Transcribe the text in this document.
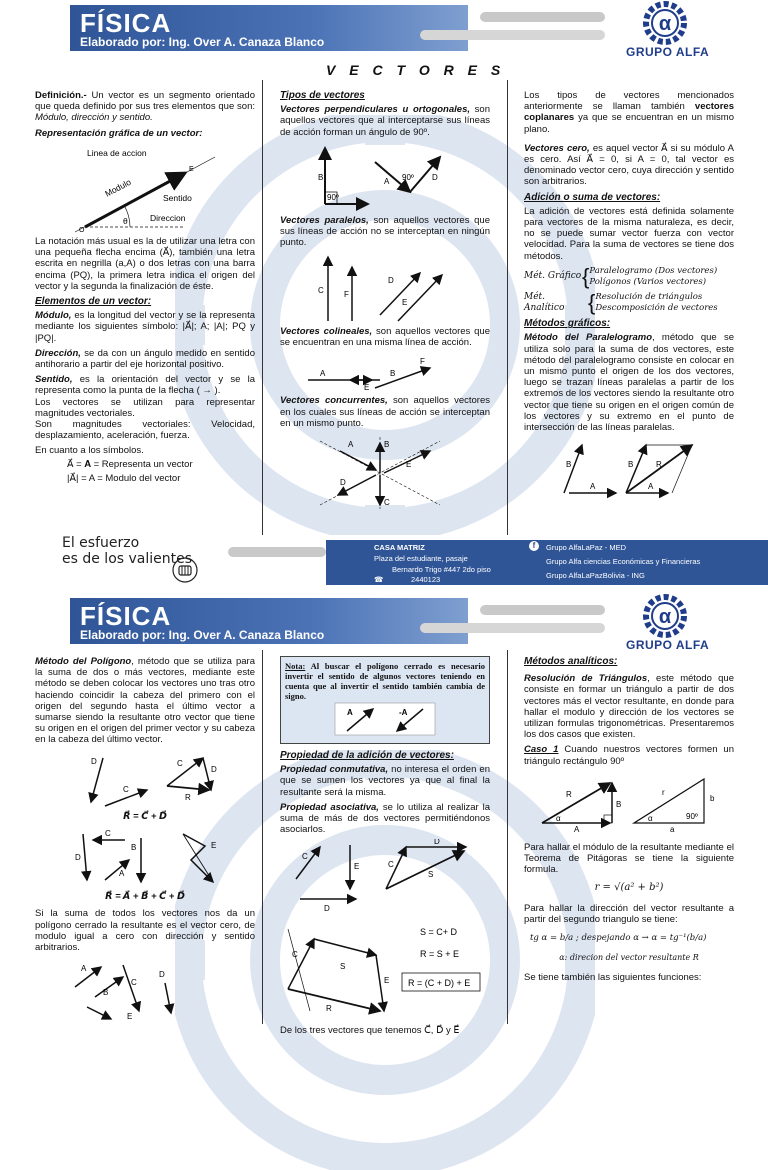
FÍSICA
Elaborado por: Ing. Over A. Canaza Blanco
α
GRUPO ALFA
V E C T O R E S

Definición.- Un vector es un segmento orientado que queda definido por sus tres elementos que son: Módulo, dirección y sentido.

Representación gráfica de un vector:
Linea de accion
Modulo	Sentido
Direccion
θ
O
E

La notación más usual es la de utilizar una letra con una pequeña flecha encima (A⃗), también una letra escrita en negrilla (a,A) o dos letras con una barra encima (PQ), la primera letra indica el origen del vector y la segunda la finalización de éste.

Elementos de un vector:

Módulo, es la longitud del vector y se la representa mediante los siguientes símbolo: |A⃗|; A; |A|; PQ y |PQ|.

Dirección, se da con un ángulo medido en sentido antihorario a partir del eje horizontal positivo.

Sentido, es la orientación del vector y se la representa como la punta de la flecha ( → ).

Los vectores se utilizan para representar magnitudes vectoriales.

Son magnitudes vectoriales: Velocidad, desplazamiento, aceleración, fuerza.

En cuanto a los símbolos.

A⃗ = 𝐀 = Representa un vector
|A⃗| = A = Modulo del vector
Tipos de vectores

Vectores perpendiculares u ortogonales, son aquellos vectores que al interceptarse sus líneas de acción forman un ángulo de 90º.

B
90º
A 90º D

Vectores paralelos, son aquellos vectores que sus líneas de acción no se interceptan en ningún punto.

C	F
D
E

Vectores colineales, son aquellos vectores que se encuentran en una misma línea de acción.

A
E
B
F

Vectores concurrentes, son aquellos vectores en los cuales sus líneas de acción se interceptan en un mismo punto.

A	B
E
D
C

Los tipos de vectores mencionados anteriormente se llaman también vectores coplanares ya que se encuentran en un mismo plano.

Vectores cero, es aquel vector A⃗ si su módulo A es cero. Así A⃗ = 0, si A = 0, tal vector es denominado vector cero, cuya dirección y sentido son arbitrarios.

Adición o suma de vectores:

La adición de vectores está definida solamente para vectores de la misma naturaleza, es decir, no se puede sumar vector fuerza con vector velocidad. Para la suma de vectores se tiene dos métodos.

Mét. Gráfico { Paralelogramo (Dos vectores)
Polígonos (Varios vectores)
Mét. Analítico	{ Resolución de triángulos
Descomposición de vectores
Métodos gráficos:

Método del Paralelogramo, método que se utiliza solo para la suma de dos vectores, este método del paralelogramo consiste en colocar en un mismo punto el origen de los dos vectores, luego se trazan líneas paralelas a partir de los extremos de los vectores siendo la resultante otro vector que tiene su origen en el origen común de los vectores y su extremo en el punto de intersección de las líneas paralelas.

B
A
B	R
A
El esfuerzo
es de los valientes
CASA MATRIZ
Plaza del estudiante, pasaje
Bernardo Trigo #447 2do piso
☎	2440123
f	Grupo AlfaLaPaz - MED
Grupo Alfa ciencias Económicas y Financieras
Grupo AlfaLaPazBolivia - ING
FÍSICA
Elaborado por: Ing. Over A. Canaza Blanco
α
GRUPO ALFA

Método del Polígono, método que se utiliza para la suma de dos o más vectores, mediante este método se deben colocar los vectores uno tras otro haciendo coincidir la cabeza del primero con el origen del segundo hasta el último vector a sumarse siendo la resultante otro vector que tiene su origen en el origen del primer vector y su cabeza en la cabeza del último vector.

D
C
C
D
R
R⃗ = C⃗ + D⃗
C
B
A
D
E
R⃗ = A⃗ + B⃗ + C⃗ + D⃗

Si la suma de todos los vectores nos da un polígono cerrado la resultante es el vector cero, de modulo igual a cero con dirección y sentido arbitrarios.

A
B
C
D
E
Nota: Al buscar el polígono cerrado es necesario invertir el sentido de algunos vectores teniendo en cuenta que al invertir el sentido también cambia de signo.
A	-A
Propiedad de la adición de vectores:

Propiedad conmutativa, no interesa el orden en que se sumen los vectores ya que al final la resultante será la misma.

Propiedad asociativa, se lo utiliza al realizar la suma de más de dos vectores permitiéndonos asociarlos.

C
E
D
C
D
S
C
S
E
R
S = C+ D
R = S + E
R = (C + D) + E

De los tres vectores que tenemos C⃗, D⃗ y E⃗

Métodos analíticos:

Resolución de Triángulos, este método que consiste en formar un triángulo a partir de dos vectores más el vector resultante, en donde para hallar el modulo y dirección de los vectores se utilizan formulas trigonométricas. Presentaremos los dos casos que existen.

Caso 1 Cuando nuestros vectores formen un triángulo rectángulo 90º

R
B
α
A
r
b
α	90º
a

Para hallar el módulo de la resultante mediante el Teorema de Pitágoras se tiene la siguiente formula.

r = √(a² + b²)

Para hallar la dirección del vector resultante a partir del segundo triangulo se tiene:

tg α = b/a ; despejando α → α = tg⁻¹(b/a)
α: direcion del vector resultante R

Se tiene también las siguientes funciones:
